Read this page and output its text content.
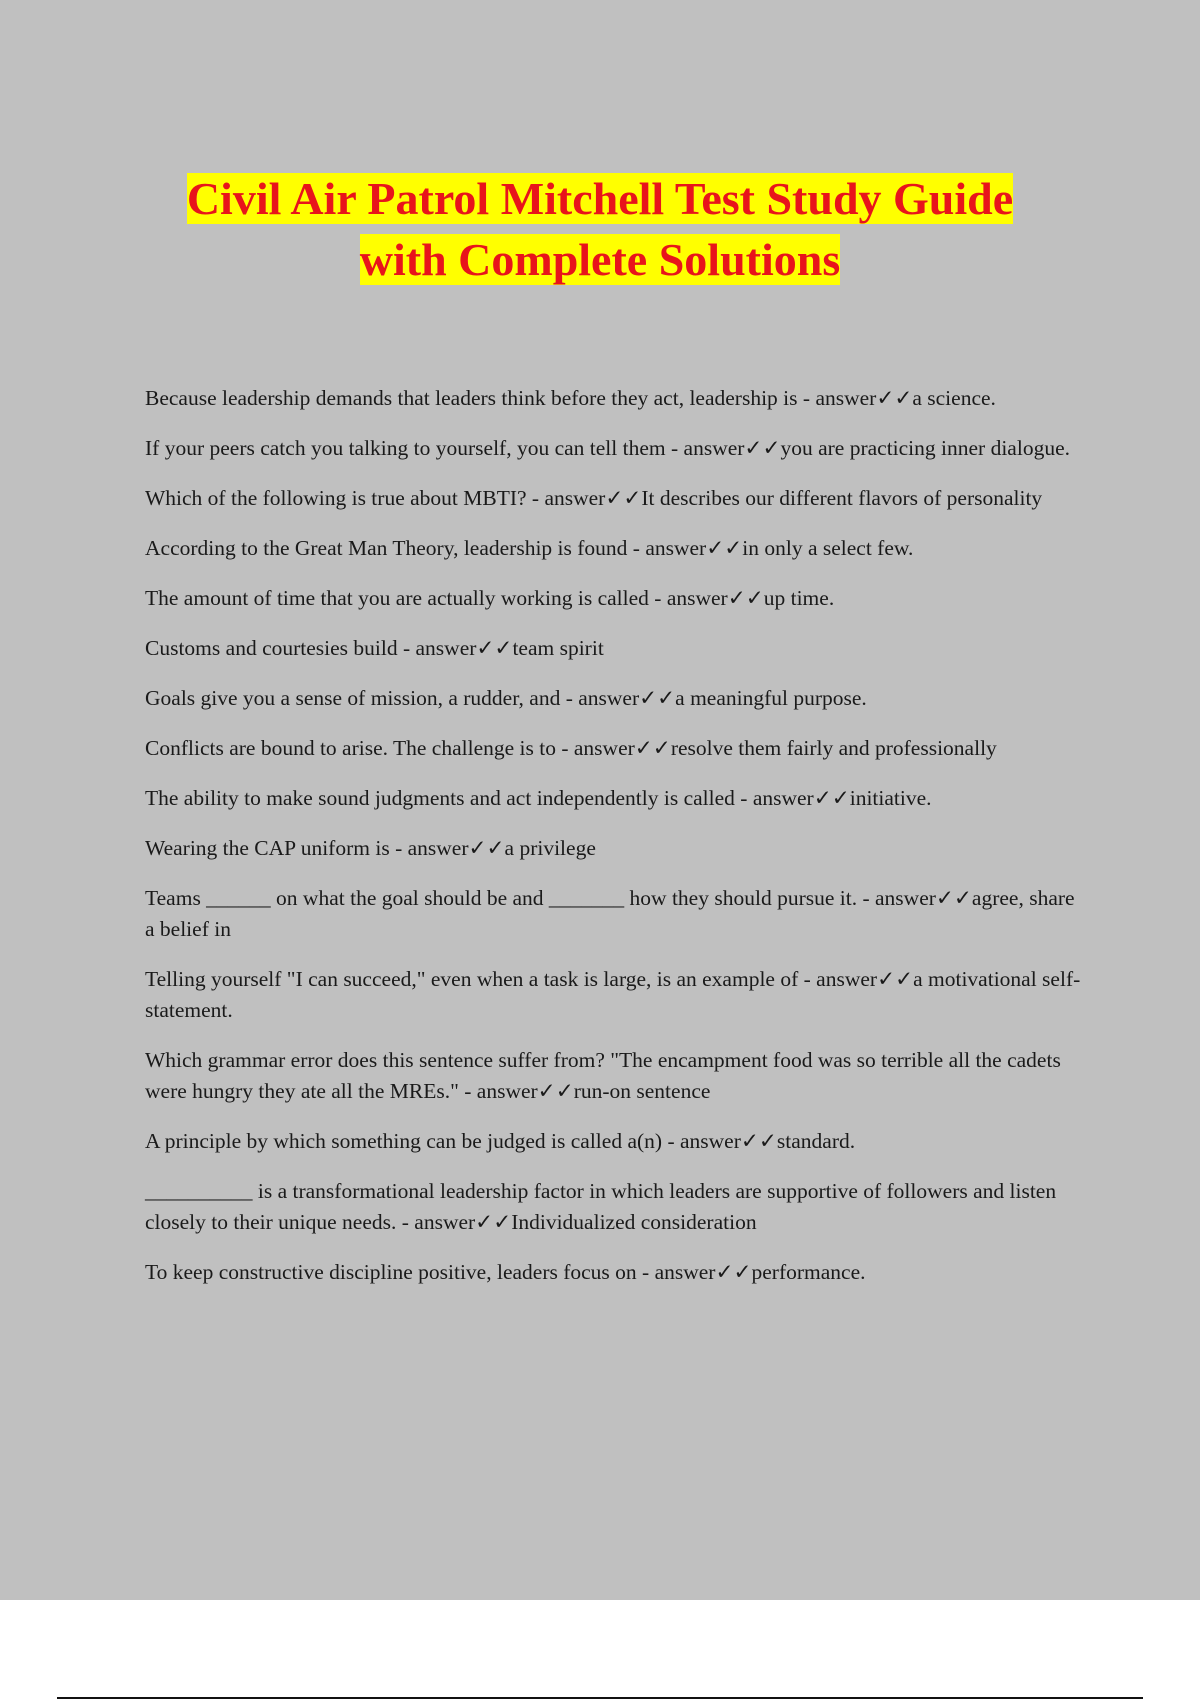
Civil Air Patrol Mitchell Test Study Guide
with Complete Solutions
Because leadership demands that leaders think before they act, leadership is - answer✓✓a science.
If your peers catch you talking to yourself, you can tell them - answer✓✓you are practicing inner dialogue.
Which of the following is true about MBTI? - answer✓✓It describes our different flavors of personality
According to the Great Man Theory, leadership is found - answer✓✓in only a select few.
The amount of time that you are actually working is called - answer✓✓up time.
Customs and courtesies build - answer✓✓team spirit
Goals give you a sense of mission, a rudder, and - answer✓✓a meaningful purpose.
Conflicts are bound to arise. The challenge is to - answer✓✓resolve them fairly and professionally
The ability to make sound judgments and act independently is called - answer✓✓initiative.
Wearing the CAP uniform is - answer✓✓a privilege
Teams ______ on what the goal should be and _______ how they should pursue it. - answer✓✓agree, share a belief in
Telling yourself "I can succeed," even when a task is large, is an example of - answer✓✓a motivational self-statement.
Which grammar error does this sentence suffer from? "The encampment food was so terrible all the cadets were hungry they ate all the MREs." - answer✓✓run-on sentence
A principle by which something can be judged is called a(n) - answer✓✓standard.
__________ is a transformational leadership factor in which leaders are supportive of followers and listen closely to their unique needs. - answer✓✓Individualized consideration
To keep constructive discipline positive, leaders focus on - answer✓✓performance.
